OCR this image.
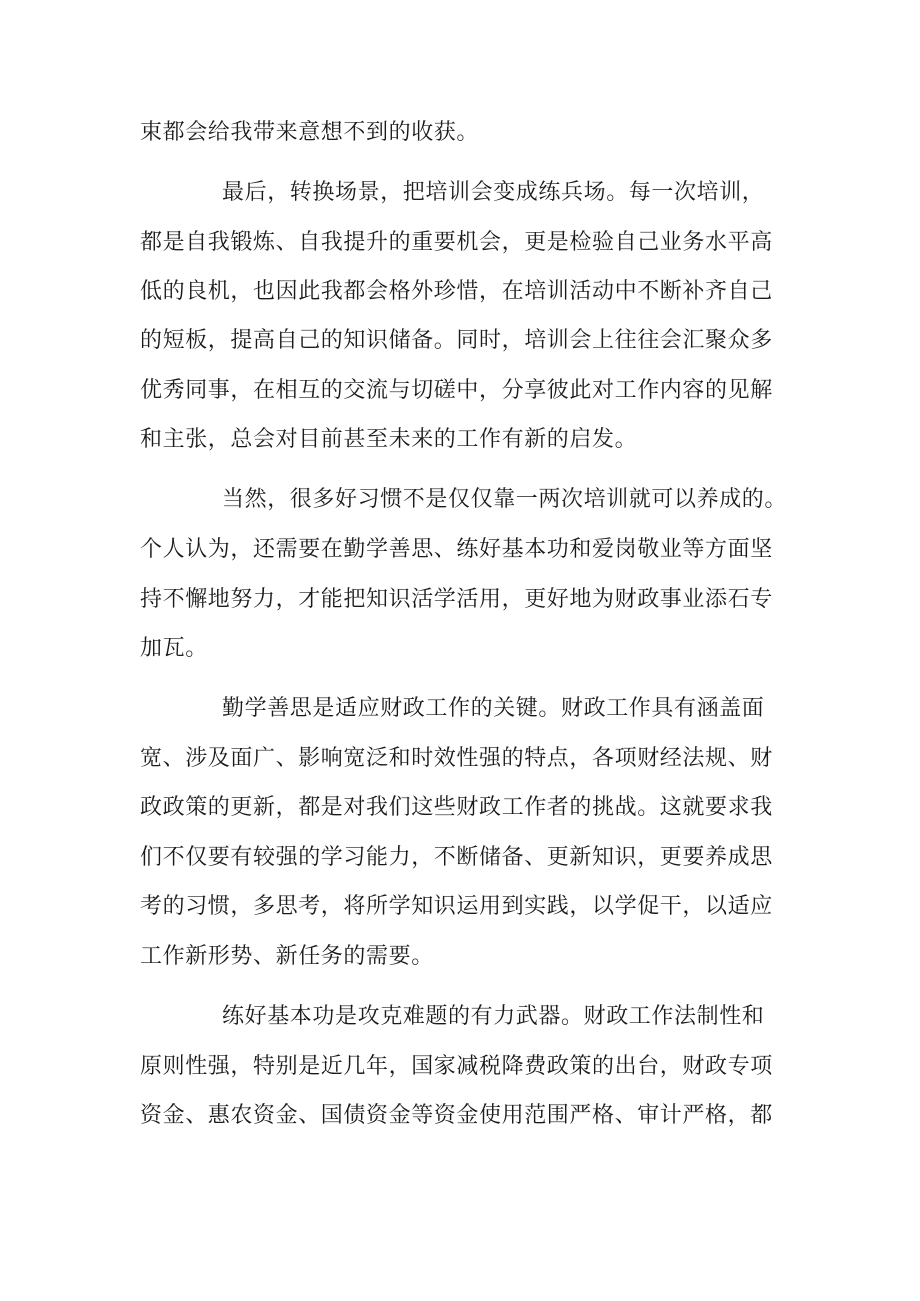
束都会给我带来意想不到的收获。

最后，转换场景，把培训会变成练兵场。每一次培训，

都是自我锻炼、自我提升的重要机会，更是检验自己业务水平高

低的良机，也因此我都会格外珍惜，在培训活动中不断补齐自己

的短板，提高自己的知识储备。同时，培训会上往往会汇聚众多

优秀同事，在相互的交流与切磋中，分享彼此对工作内容的见解

和主张，总会对目前甚至未来的工作有新的启发。

当然，很多好习惯不是仅仅靠一两次培训就可以养成的。

个人认为，还需要在勤学善思、练好基本功和爱岗敬业等方面坚

持不懈地努力，才能把知识活学活用，更好地为财政事业添石专

加瓦。

勤学善思是适应财政工作的关键。财政工作具有涵盖面

宽、涉及面广、影响宽泛和时效性强的特点，各项财经法规、财

政政策的更新，都是对我们这些财政工作者的挑战。这就要求我

们不仅要有较强的学习能力，不断储备、更新知识，更要养成思

考的习惯，多思考，将所学知识运用到实践，以学促干，以适应

工作新形势、新任务的需要。

练好基本功是攻克难题的有力武器。财政工作法制性和

原则性强，特别是近几年，国家减税降费政策的出台，财政专项

资金、惠农资金、国债资金等资金使用范围严格、审计严格，都
